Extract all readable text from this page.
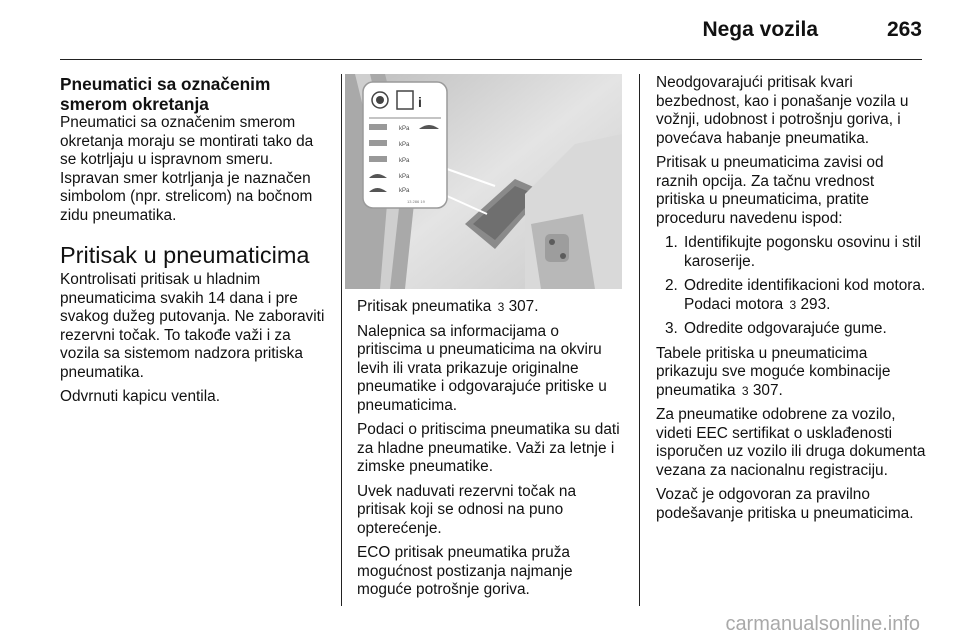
Nega vozila	263
Pneumatici sa označenim smerom okretanja
Pneumatici sa označenim smerom okretanja moraju se montirati tako da se kotrljaju u ispravnom smeru. Ispravan smer kotrljanja je naznačen simbolom (npr. strelicom) na bočnom zidu pneumatika.
Pritisak u pneumaticima
Kontrolisati pritisak u hladnim pneumaticima svakih 14 dana i pre svakog dužeg putovanja. Ne zaboraviti rezervni točak. To takođe važi i za vozila sa sistemom nadzora pritiska pneumatika.
Odvrnuti kapicu ventila.
i
kPa
kPa
kPa
kPa
kPa
13 286 19
Pritisak pneumatika 3 307.
Nalepnica sa informacijama o pritiscima u pneumaticima na okviru levih ili vrata prikazuje originalne pneumatike i odgovarajuće pritiske u pneumaticima.
Podaci o pritiscima pneumatika su dati za hladne pneumatike. Važi za letnje i zimske pneumatike.
Uvek naduvati rezervni točak na pritisak koji se odnosi na puno opterećenje.
ECO pritisak pneumatika pruža mogućnost postizanja najmanje moguće potrošnje goriva.
Neodgovarajući pritisak kvari bezbednost, kao i ponašanje vozila u vožnji, udobnost i potrošnju goriva, i povećava habanje pneumatika.
Pritisak u pneumaticima zavisi od raznih opcija. Za tačnu vrednost pritiska u pneumaticima, pratite proceduru navedenu ispod:
1. Identifikujte pogonsku osovinu i stil karoserije.
2. Odredite identifikacioni kod motora. Podaci motora 3 293.
3. Odredite odgovarajuće gume.
Tabele pritiska u pneumaticima prikazuju sve moguće kombinacije pneumatika 3 307.
Za pneumatike odobrene za vozilo, videti EEC sertifikat o usklađenosti isporučen uz vozilo ili druga dokumenta vezana za nacionalnu registraciju.
Vozač je odgovoran za pravilno podešavanje pritiska u pneumaticima.
carmanualsonline.info
